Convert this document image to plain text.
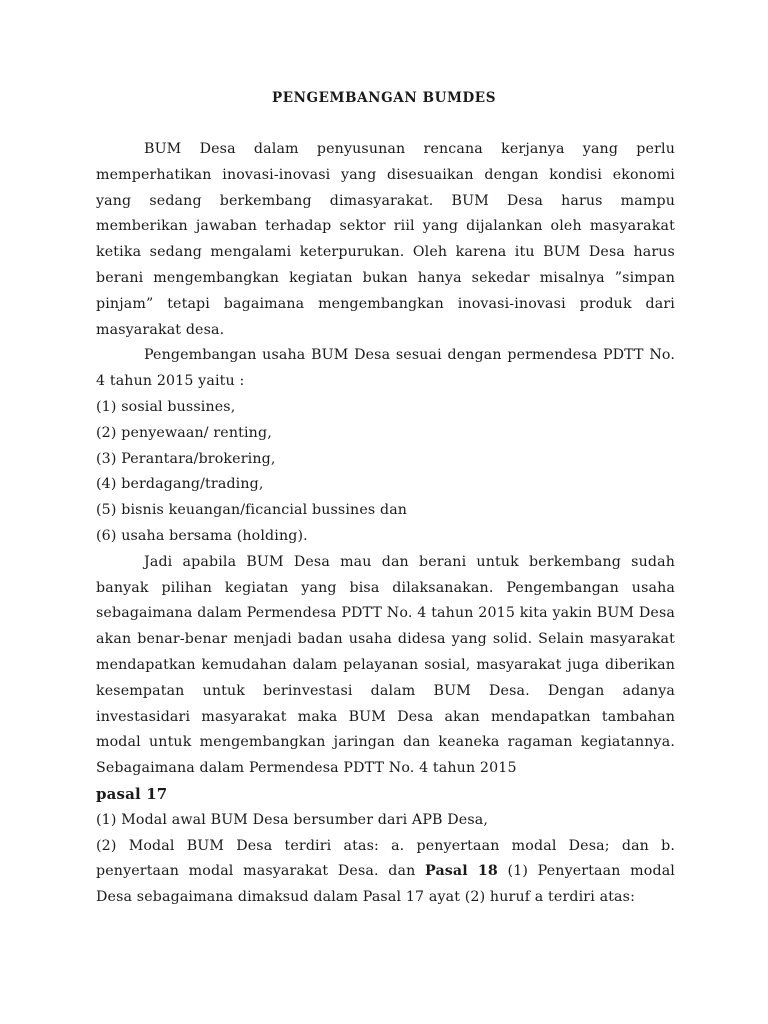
PENGEMBANGAN BUMDES

BUM Desa dalam penyusunan rencana kerjanya yang perlu memperhatikan inovasi-inovasi yang disesuaikan dengan kondisi ekonomi yang sedang berkembang dimasyarakat. BUM Desa harus mampu memberikan jawaban terhadap sektor riil yang dijalankan oleh masyarakat ketika sedang mengalami keterpurukan. Oleh karena itu BUM Desa harus berani mengembangkan kegiatan bukan hanya sekedar misalnya ”simpan pinjam” tetapi bagaimana mengembangkan inovasi-inovasi produk dari masyarakat desa.

Pengembangan usaha BUM Desa sesuai dengan permendesa PDTT No. 4 tahun 2015 yaitu :

(1) sosial bussines,

(2) penyewaan/ renting,

(3) Perantara/brokering,

(4) berdagang/trading,

(5) bisnis keuangan/ficancial bussines dan

(6) usaha bersama (holding).

Jadi apabila BUM Desa mau dan berani untuk berkembang sudah banyak pilihan kegiatan yang bisa dilaksanakan. Pengembangan usaha sebagaimana dalam Permendesa PDTT No. 4 tahun 2015 kita yakin BUM Desa akan benar-benar menjadi badan usaha didesa yang solid. Selain masyarakat mendapatkan kemudahan dalam pelayanan sosial, masyarakat juga diberikan kesempatan untuk berinvestasi dalam BUM Desa. Dengan adanya investasidari masyarakat maka BUM Desa akan mendapatkan tambahan modal untuk mengembangkan jaringan dan keaneka ragaman kegiatannya. Sebagaimana dalam Permendesa PDTT No. 4 tahun 2015

pasal 17

(1) Modal awal BUM Desa bersumber dari APB Desa,

(2) Modal BUM Desa terdiri atas: a. penyertaan modal Desa; dan b.

penyertaan modal masyarakat Desa. dan Pasal 18 (1) Penyertaan modal

Desa sebagaimana dimaksud dalam Pasal 17 ayat (2) huruf a terdiri atas:
